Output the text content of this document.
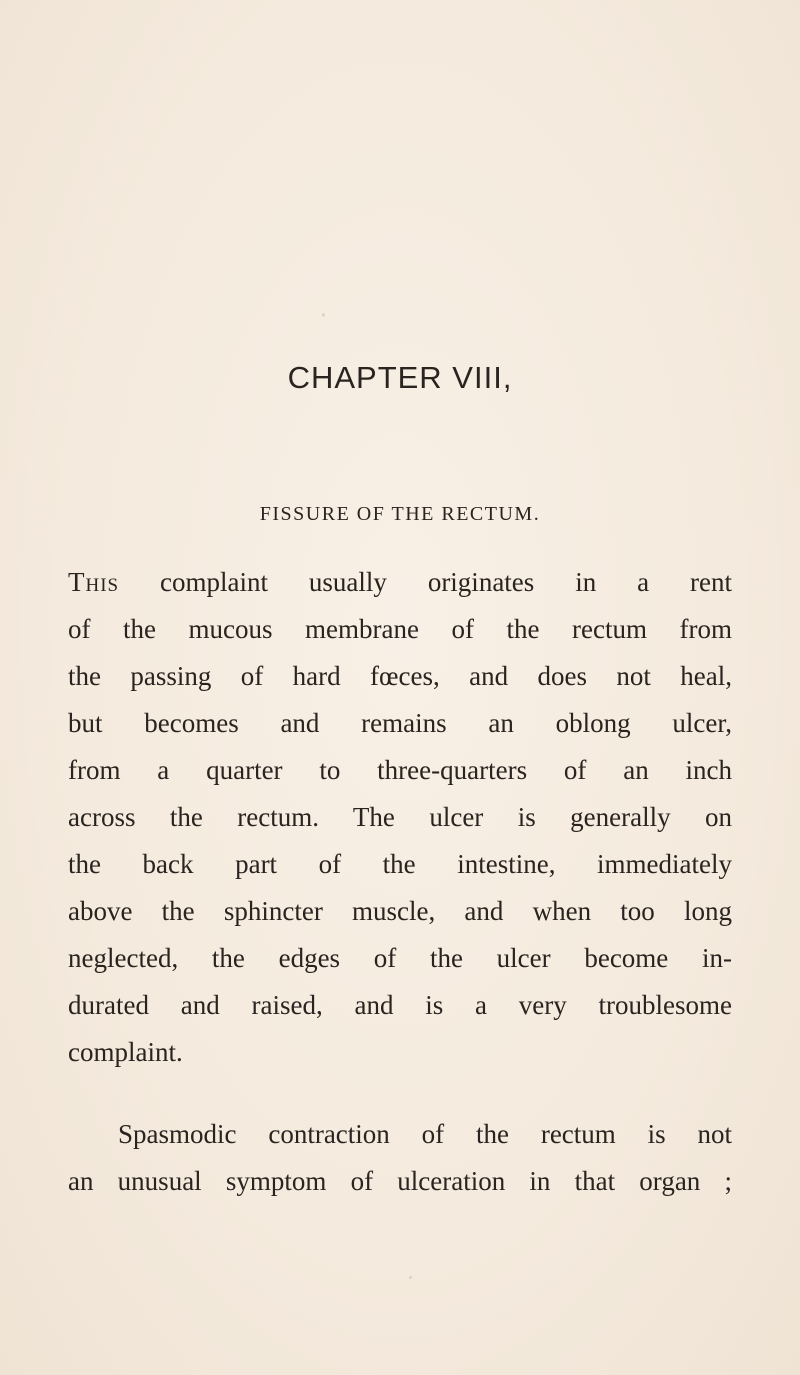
CHAPTER VIII,
FISSURE OF THE RECTUM.
This complaint usually originates in a rent
of the mucous membrane of the rectum from
the passing of hard fœces, and does not heal,
but becomes and remains an oblong ulcer,
from a quarter to three-quarters of an inch
across the rectum. The ulcer is generally on
the back part of the intestine, immediately
above the sphincter muscle, and when too long
neglected, the edges of the ulcer become in-
durated and raised, and is a very troublesome
complaint.
Spasmodic contraction of the rectum is not
an unusual symptom of ulceration in that organ ;
